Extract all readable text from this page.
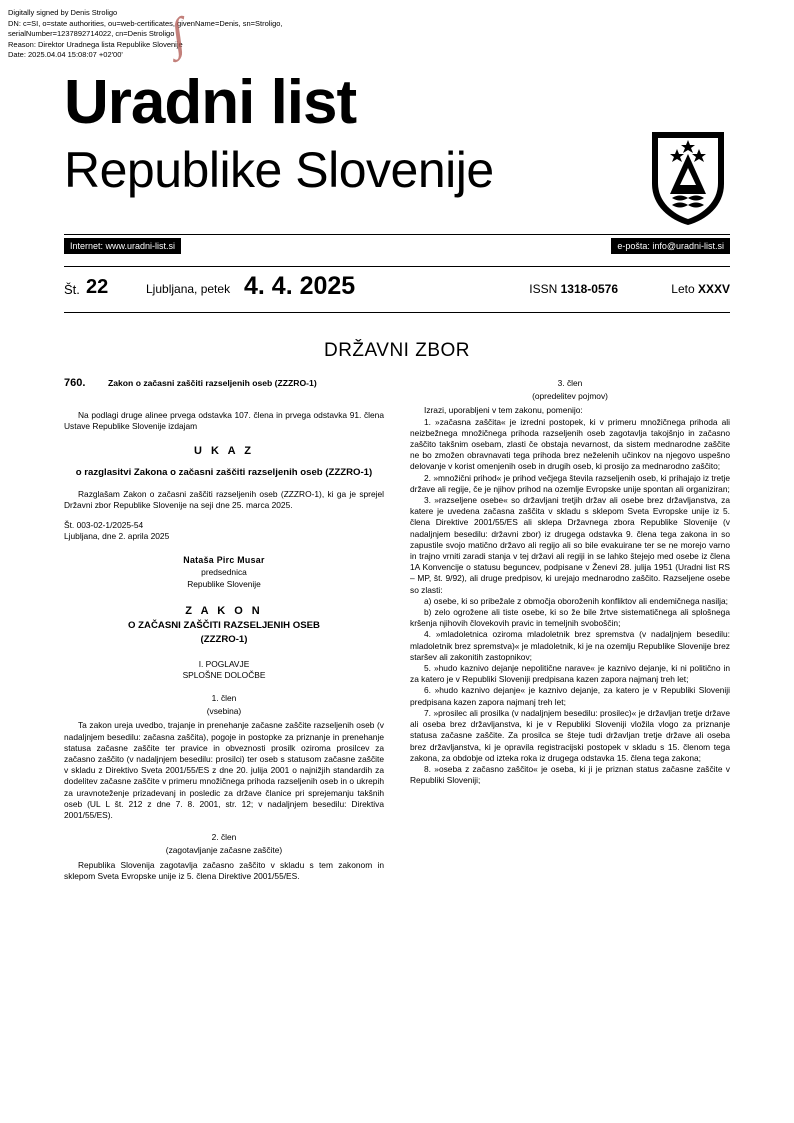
Digitally signed by Denis Stroligo
DN: c=SI, o=state authorities, ou=web-certificates, givenName=Denis, sn=Stroligo,
serialNumber=1237892714022, cn=Denis Stroligo
Reason: Direktor Uradnega lista Republike Slovenije
Date: 2025.04.04 15:08:07 +02'00' ∫
Uradni list
Republike Slovenije
Internet: www.uradni-list.si	e-pošta: info@uradni-list.si
Št. 22	Ljubljana, petek 4. 4. 2025	ISSN 1318-0576	Leto XXXV
DRŽAVNI ZBOR
760.	Zakon o začasni zaščiti razseljenih oseb (ZZZRO-1)

Na podlagi druge alinee prvega odstavka 107. člena in prvega odstavka 91. člena Ustave Republike Slovenije izdajam

U K A Z
o razglasitvi Zakona o začasni zaščiti razseljenih oseb (ZZZRO-1)

Razglašam Zakon o začasni zaščiti razseljenih oseb (ZZZRO-1), ki ga je sprejel Državni zbor Republike Slovenije na seji dne 25. marca 2025.

Št. 003-02-1/2025-54

Ljubljana, dne 2. aprila 2025

Nataša Pirc Musar
predsednica
Republike Slovenije
Z A K O N
O ZAČASNI ZAŠČITI RAZSELJENIH OSEB
(ZZZRO-1)
I. POGLAVJE
SPLOŠNE DOLOČBE
1. člen
(vsebina)

Ta zakon ureja uvedbo, trajanje in prenehanje začasne zaščite razseljenih oseb (v nadaljnjem besedilu: začasna zaščita), pogoje in postopke za priznanje in prenehanje statusa začasne zaščite ter pravice in obveznosti prosilk oziroma prosilcev za začasno zaščito (v nadaljnjem besedilu: prosilci) ter oseb s statusom začasne zaščite v skladu z Direktivo Sveta 2001/55/ES z dne 20. julija 2001 o najnižjih standardih za dodelitev začasne zaščite v primeru množičnega prihoda razseljenih oseb in o ukrepih za uravnoteženje prizadevanj in posledic za države članice pri sprejemanju takšnih oseb (UL L št. 212 z dne 7. 8. 2001, str. 12; v nadaljnjem besedilu: Direktiva 2001/55/ES).

2. člen
(zagotavljanje začasne zaščite)

Republika Slovenija zagotavlja začasno zaščito v skladu s tem zakonom in sklepom Sveta Evropske unije iz 5. člena Direktive 2001/55/ES.

3. člen
(opredelitev pojmov)

Izrazi, uporabljeni v tem zakonu, pomenijo:

1. »začasna zaščita« je izredni postopek, ki v primeru množičnega prihoda ali neizbežnega množičnega prihoda razseljenih oseb zagotavlja takojšnjo in začasno zaščito takšnim osebam, zlasti če obstaja nevarnost, da sistem mednarodne zaščite ne bo zmožen obravnavati tega prihoda brez neželenih učinkov na njegovo uspešno delovanje v korist omenjenih oseb in drugih oseb, ki prosijo za mednarodno zaščito;

2. »množični prihod« je prihod večjega števila razseljenih oseb, ki prihajajo iz tretje države ali regije, če je njihov prihod na ozemlje Evropske unije spontan ali organiziran;

3. »razseljene osebe« so državljani tretjih držav ali osebe brez državljanstva, za katere je uvedena začasna zaščita v skladu s sklepom Sveta Evropske unije iz 5. člena Direktive 2001/55/ES ali sklepa Državnega zbora Republike Slovenije (v nadaljnjem besedilu: državni zbor) iz drugega odstavka 9. člena tega zakona in so zapustile svojo matično državo ali regijo ali so bile evakuirane ter se ne morejo varno in trajno vrniti zaradi stanja v tej državi ali regiji in se lahko štejejo med osebe iz člena 1A Konvencije o statusu beguncev, podpisane v Ženevi 28. julija 1951 (Uradni list RS – MP, št. 9/92), ali druge predpisov, ki urejajo mednarodno zaščito. Razseljene osebe so zlasti:

a) osebe, ki so pribežale z območja oboroženih konfliktov ali endemičnega nasilja;

b) zelo ogrožene ali tiste osebe, ki so že bile žrtve sistematičnega ali splošnega kršenja njihovih človekovih pravic in temeljnih svoboščin;

4. »mladoletnica oziroma mladoletnik brez spremstva (v nadaljnjem besedilu: mladoletnik brez spremstva)« je mladoletnik, ki je na ozemlju Republike Slovenije brez staršev ali zakonitih zastopnikov;

5. »hudo kaznivo dejanje nepolitične narave« je kaznivo dejanje, ki ni politično in za katero je v Republiki Sloveniji predpisana kazen zapora najmanj treh let;

6. »hudo kaznivo dejanje« je kaznivo dejanje, za katero je v Republiki Sloveniji predpisana kazen zapora najmanj treh let;

7. »prosilec ali prosilka (v nadaljnjem besedilu: prosilec)« je državljan tretje države ali oseba brez državljanstva, ki je v Republiki Sloveniji vložila vlogo za priznanje statusa začasne zaščite. Za prosilca se šteje tudi državljan tretje države ali oseba brez državljanstva, ki je opravila registracijski postopek v skladu s 15. členom tega zakona, za obdobje od izteka roka iz drugega odstavka 15. člena tega zakona;

8. »oseba z začasno zaščito« je oseba, ki ji je priznan status začasne zaščite v Republiki Sloveniji;
